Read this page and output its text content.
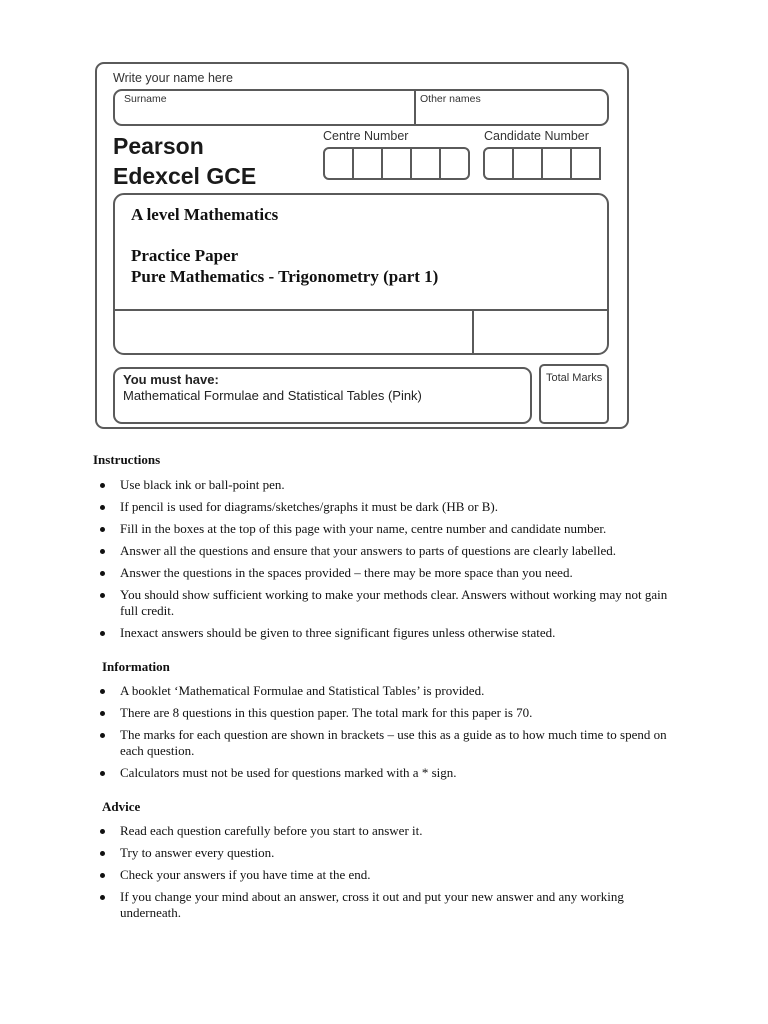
Write your name here
Surname	Other names
Pearson
Edexcel GCE
Centre Number	Candidate Number
A level Mathematics
Practice Paper
Pure Mathematics - Trigonometry (part 1)
You must have:
Mathematical Formulae and Statistical Tables (Pink)
Total Marks
Instructions
Use black ink or ball-point pen.
If pencil is used for diagrams/sketches/graphs it must be dark (HB or B).
Fill in the boxes at the top of this page with your name, centre number and candidate number.
Answer all the questions and ensure that your answers to parts of questions are clearly labelled.
Answer the questions in the spaces provided – there may be more space than you need.
You should show sufficient working to make your methods clear. Answers without working may not gain full credit.
Inexact answers should be given to three significant figures unless otherwise stated.
Information
A booklet ‘Mathematical Formulae and Statistical Tables’ is provided.
There are 8 questions in this question paper. The total mark for this paper is 70.
The marks for each question are shown in brackets – use this as a guide as to how much time to spend on each question.
Calculators must not be used for questions marked with a * sign.
Advice
Read each question carefully before you start to answer it.
Try to answer every question.
Check your answers if you have time at the end.
If you change your mind about an answer, cross it out and put your new answer and any working underneath.
